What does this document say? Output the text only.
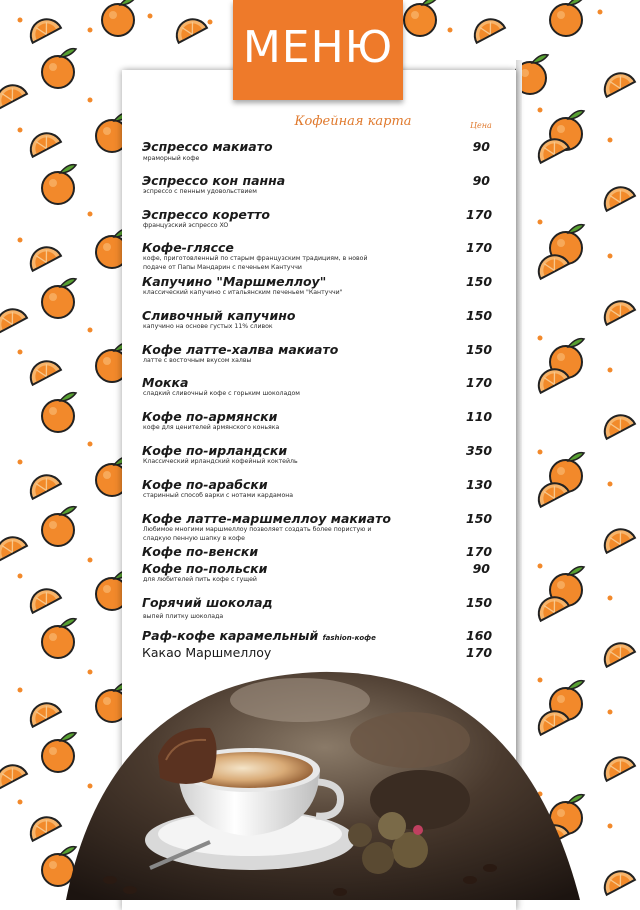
МЕНЮ
Кофейная карта	Цена
Эспрессо макиато
мраморный кофе
90
Эспрессо кон панна
эспрессо с пенным удовольствием
90
Эспрессо коретто
французский эспрессо XO
170
Кофе-гляссе
кофе, приготовленный по старым французским традициям, в новой подаче от Папы Мандарин с печеньем Кантуччи
170
Капучино "Маршмеллоу"
классический капучино с итальянским печеньем "Кантуччи"
150
Сливочный капучино
капучино на основе густых 11% сливок
150
Кофе латте-халва макиато
латте с восточным вкусом халвы
150
Мокка
сладкий сливочный кофе с горьким шоколадом
170
Кофе по-армянски
кофе для ценителей армянского коньяка
110
Кофе по-ирландски
Классический ирландский кофейный коктейль
350
Кофе по-арабски
старинный способ варки с нотами кардамона
130
Кофе латте-маршмеллоу макиато
Любимое многими маршмеллоу позволяет создать более пористую и сладкую пенную шапку в кофе
150
Кофе по-венски	170
Кофе по-польски
для любителей пить кофе с гущей
90
Горячий шоколад
выпей плитку шоколада
150
Раф-кофе карамельный fashion-кофе	160
Какао Маршмеллоу	170
